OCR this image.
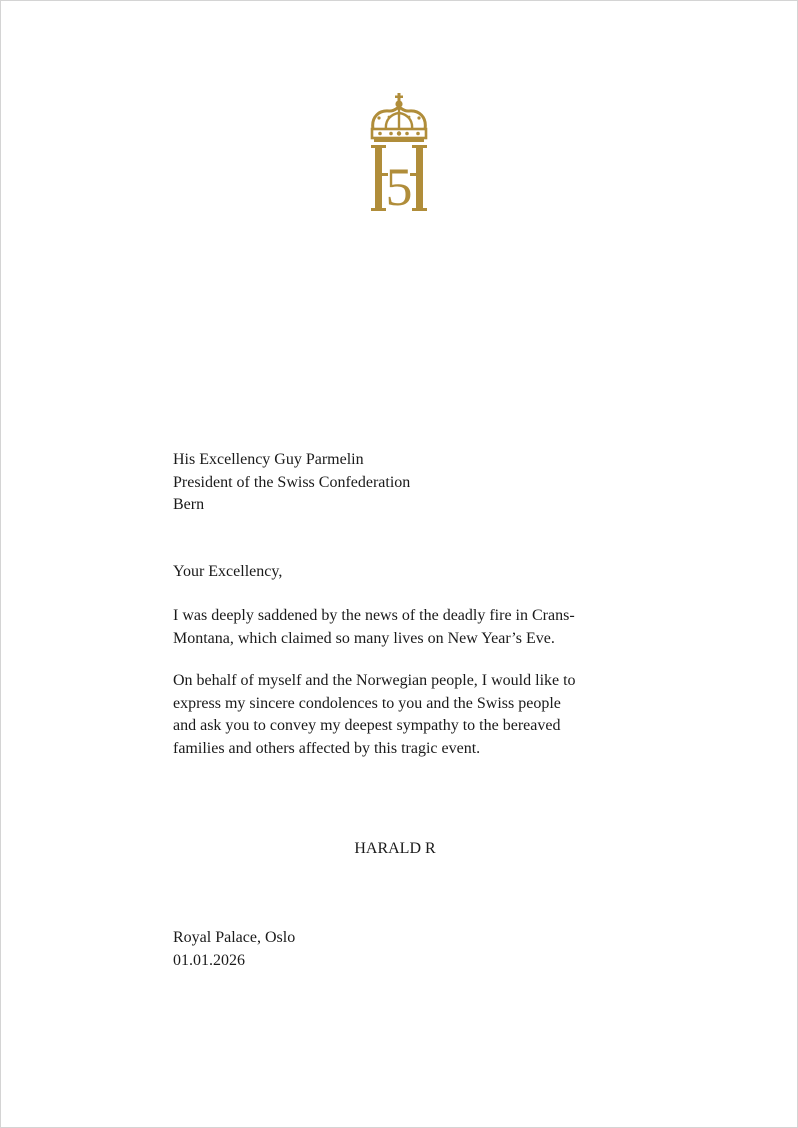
5
His Excellency Guy Parmelin
President of the Swiss Confederation
Bern
Your Excellency,
I was deeply saddened by the news of the deadly fire in Crans-
Montana, which claimed so many lives on New Year’s Eve.
On behalf of myself and the Norwegian people, I would like to
express my sincere condolences to you and the Swiss people
and ask you to convey my deepest sympathy to the bereaved
families and others affected by this tragic event.
HARALD R
Royal Palace, Oslo
01.01.2026
